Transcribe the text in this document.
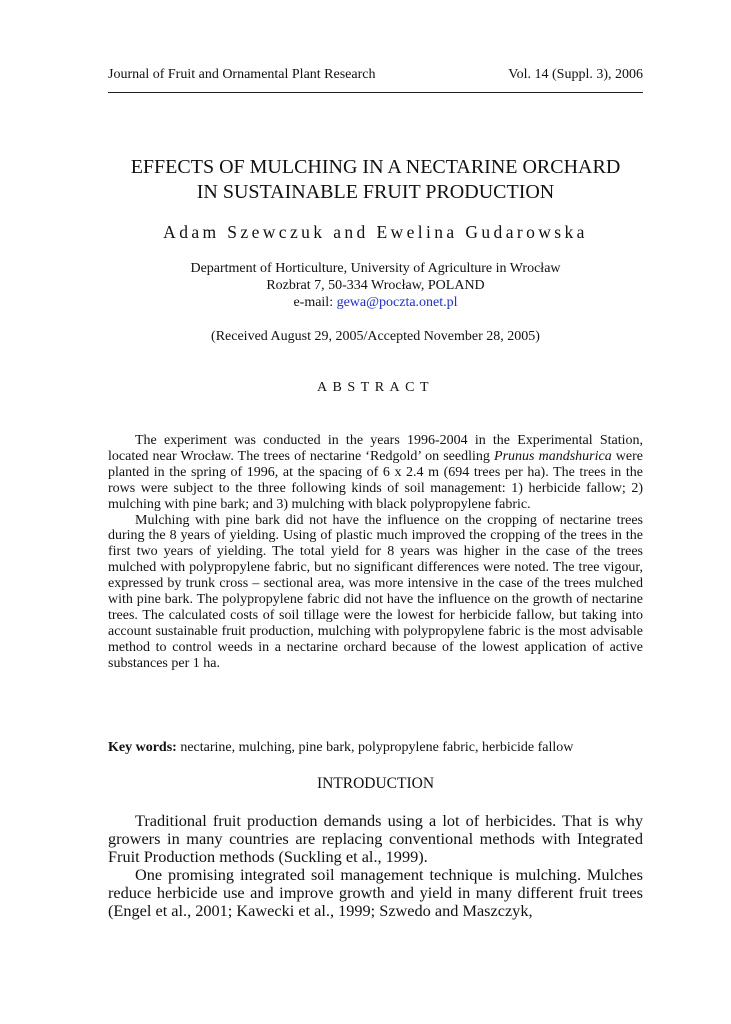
Journal of Fruit and Ornamental Plant Research	Vol. 14 (Suppl. 3), 2006
EFFECTS OF MULCHING IN A NECTARINE ORCHARD
IN SUSTAINABLE FRUIT PRODUCTION
Adam Szewczuk and Ewelina Gudarowska
Department of Horticulture, University of Agriculture in Wrocław
Rozbrat 7, 50-334 Wrocław, POLAND
e-mail: gewa@poczta.onet.pl
(Received August 29, 2005/Accepted November 28, 2005)
ABSTRACT

The experiment was conducted in the years 1996-2004 in the Experimental Station, located near Wrocław. The trees of nectarine ‘Redgold’ on seedling Prunus mandshurica were planted in the spring of 1996, at the spacing of 6 x 2.4 m (694 trees per ha). The trees in the rows were subject to the three following kinds of soil management: 1) herbicide fallow; 2) mulching with pine bark; and 3) mulching with black polypropylene fabric.

Mulching with pine bark did not have the influence on the cropping of nectarine trees during the 8 years of yielding. Using of plastic much improved the cropping of the trees in the first two years of yielding. The total yield for 8 years was higher in the case of the trees mulched with polypropylene fabric, but no significant differences were noted. The tree vigour, expressed by trunk cross – sectional area, was more intensive in the case of the trees mulched with pine bark. The polypropylene fabric did not have the influence on the growth of nectarine trees. The calculated costs of soil tillage were the lowest for herbicide fallow, but taking into account sustainable fruit production, mulching with polypropylene fabric is the most advisable method to control weeds in a nectarine orchard because of the lowest application of active substances per 1 ha.

Key words: nectarine, mulching, pine bark, polypropylene fabric, herbicide fallow
INTRODUCTION

Traditional fruit production demands using a lot of herbicides. That is why growers in many countries are replacing conventional methods with Integrated Fruit Production methods (Suckling et al., 1999).

One promising integrated soil management technique is mulching. Mulches reduce herbicide use and improve growth and yield in many different fruit trees (Engel et al., 2001; Kawecki et al., 1999; Szwedo and Maszczyk,
